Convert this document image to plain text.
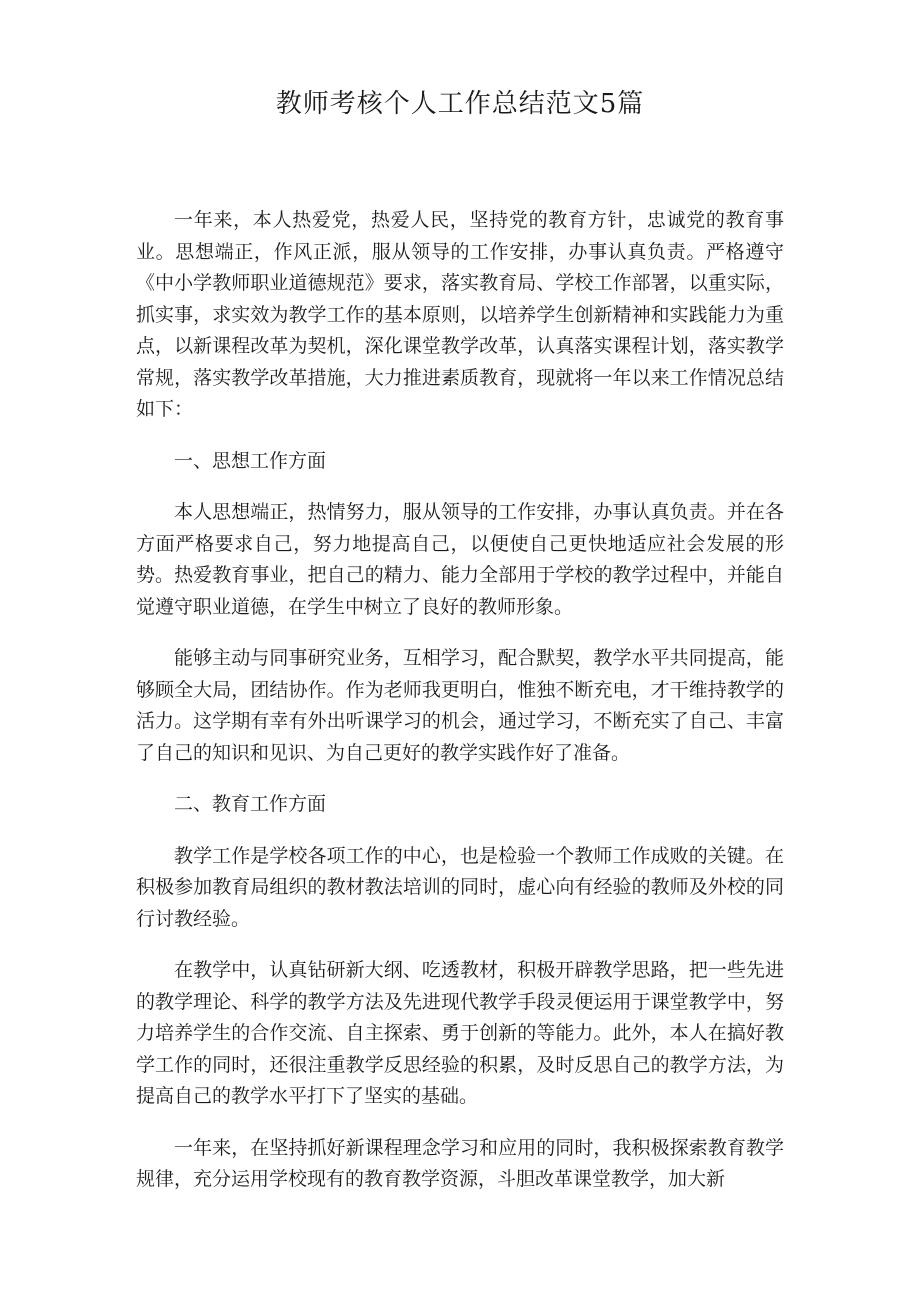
教师考核个人工作总结范文5篇

一年来，本人热爱党，热爱人民，坚持党的教育方针，忠诚党的教育事业。思想端正，作风正派，服从领导的工作安排，办事认真负责。严格遵守《中小学教师职业道德规范》要求，落实教育局、学校工作部署，以重实际，抓实事，求实效为教学工作的基本原则，以培养学生创新精神和实践能力为重点，以新课程改革为契机，深化课堂教学改革，认真落实课程计划，落实教学常规，落实教学改革措施，大力推进素质教育，现就将一年以来工作情况总结如下：

一、思想工作方面

本人思想端正，热情努力，服从领导的工作安排，办事认真负责。并在各方面严格要求自己，努力地提高自己，以便使自己更快地适应社会发展的形势。热爱教育事业，把自己的精力、能力全部用于学校的教学过程中，并能自觉遵守职业道德，在学生中树立了良好的教师形象。

能够主动与同事研究业务，互相学习，配合默契，教学水平共同提高，能够顾全大局，团结协作。作为老师我更明白，惟独不断充电，才干维持教学的活力。这学期有幸有外出听课学习的机会，通过学习，不断充实了自己、丰富了自己的知识和见识、为自己更好的教学实践作好了准备。

二、教育工作方面

教学工作是学校各项工作的中心，也是检验一个教师工作成败的关键。在积极参加教育局组织的教材教法培训的同时，虚心向有经验的教师及外校的同行讨教经验。

在教学中，认真钻研新大纲、吃透教材，积极开辟教学思路，把一些先进的教学理论、科学的教学方法及先进现代教学手段灵便运用于课堂教学中，努力培养学生的合作交流、自主探索、勇于创新的等能力。此外，本人在搞好教学工作的同时，还很注重教学反思经验的积累，及时反思自己的教学方法，为提高自己的教学水平打下了坚实的基础。

一年来，在坚持抓好新课程理念学习和应用的同时，我积极探索教育教学规律，充分运用学校现有的教育教学资源，斗胆改革课堂教学，加大新
